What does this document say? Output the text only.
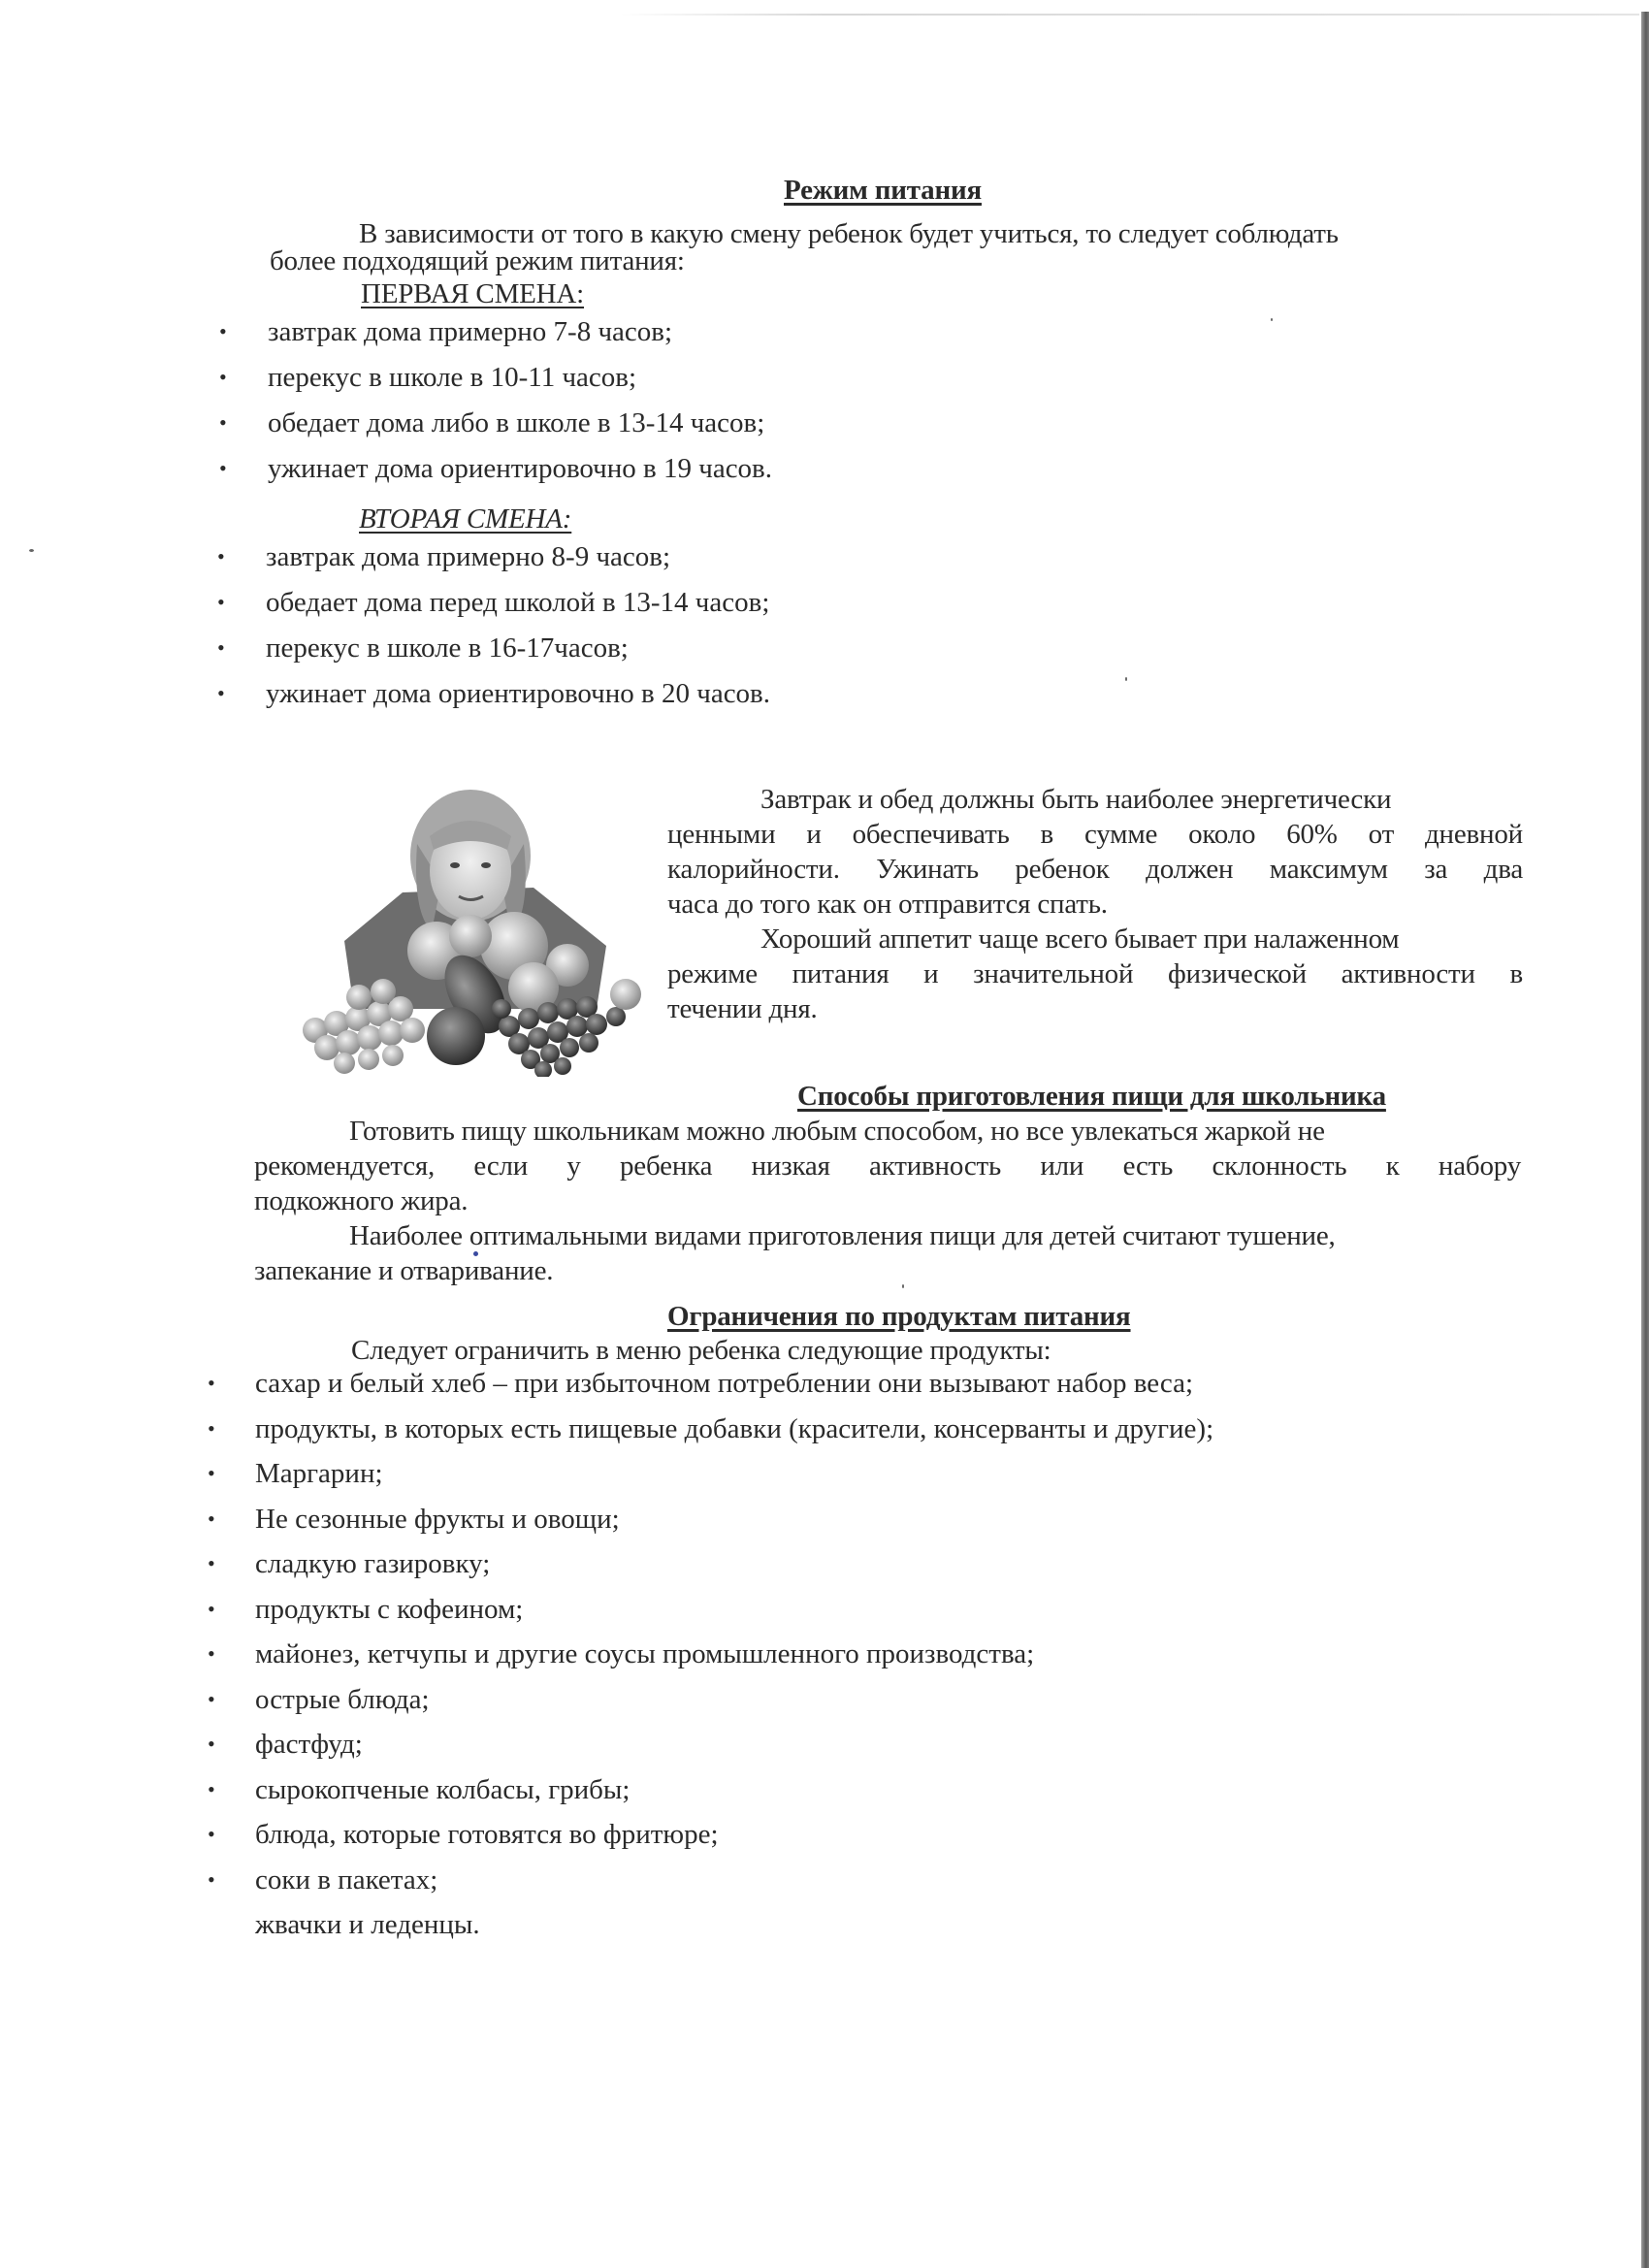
Режим питания
В зависимости от того в какую смену ребенок будет учиться, то следует соблюдать
более подходящий режим питания:
ПЕРВАЯ СМЕНА:
• завтрак дома примерно 7-8 часов;
• перекус в школе в 10-11 часов;
• обедает дома либо в школе в 13-14 часов;
• ужинает дома ориентировочно в 19 часов.
ВТОРАЯ СМЕНА:
• завтрак дома примерно 8-9 часов;
• обедает дома перед школой в 13-14 часов;
• перекус в школе в 16-17часов;
• ужинает дома ориентировочно в 20 часов.
Завтрак и обед должны быть наиболее энергетически
ценными и обеспечивать в сумме около 60% от дневной
калорийности. Ужинать ребенок должен максимум за два
часа до того как он отправится спать.
Хороший аппетит чаще всего бывает при налаженном
режиме питания и значительной физической активности в
течении дня.
Способы приготовления пищи для школьника
Готовить пищу школьникам можно любым способом, но все увлекаться жаркой не
рекомендуется, если у ребенка низкая активность или есть склонность к набору
подкожного жира.
Наиболее оптимальными видами приготовления пищи для детей считают тушение,
запекание и отваривание.
Ограничения по продуктам питания
Следует ограничить в меню ребенка следующие продукты:
• сахар и белый хлеб – при избыточном потреблении они вызывают набор веса;
• продукты, в которых есть пищевые добавки (красители, консерванты и другие);
• Маргарин;
• Не сезонные фрукты и овощи;
• сладкую газировку;
• продукты с кофеином;
• майонез, кетчупы и другие соусы промышленного производства;
• острые блюда;
• фастфуд;
• сырокопченые колбасы, грибы;
• блюда, которые готовятся во фритюре;
• соки в пакетах;
жвачки и леденцы.
